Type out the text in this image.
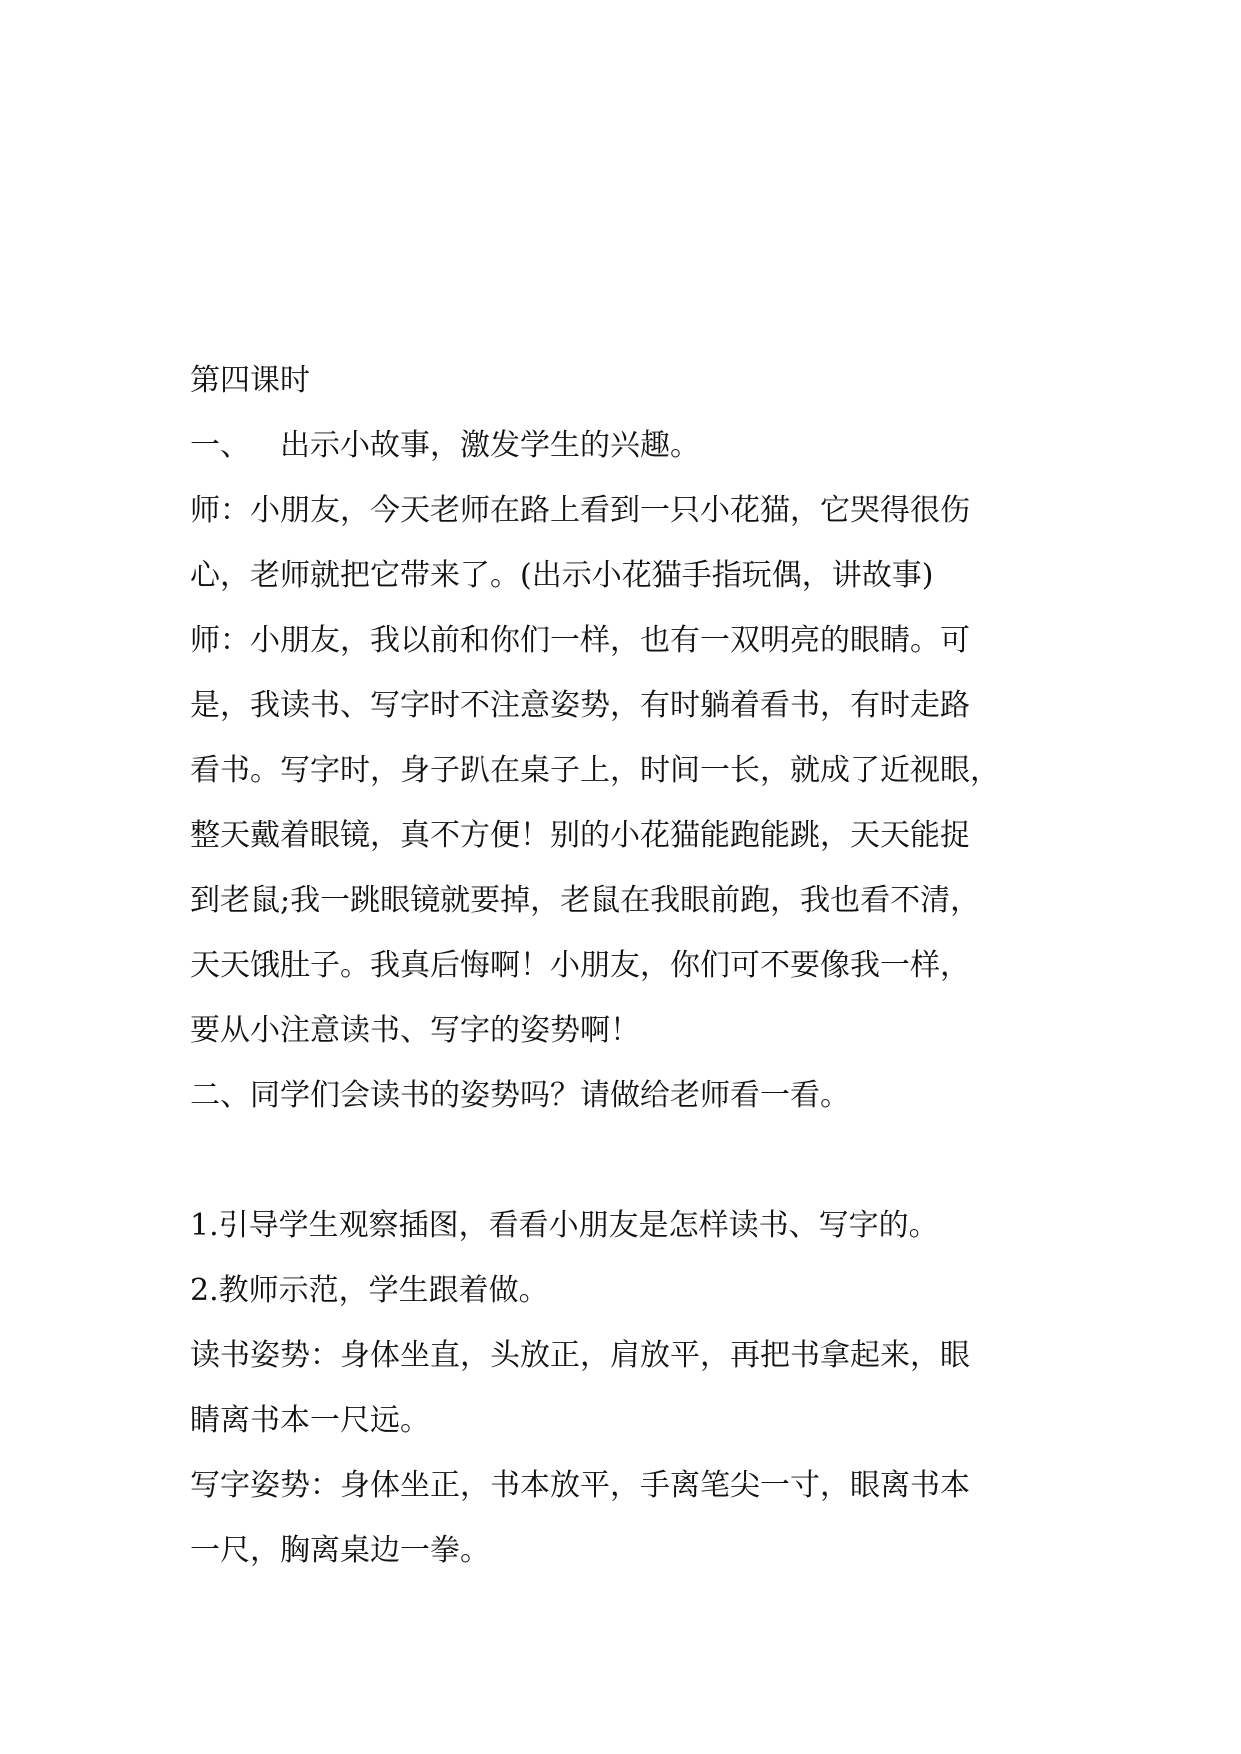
第四课时
一、 出示小故事，激发学生的兴趣。
师：小朋友，今天老师在路上看到一只小花猫，它哭得很伤
心，老师就把它带来了。(出示小花猫手指玩偶，讲故事)
师：小朋友，我以前和你们一样，也有一双明亮的眼睛。可
是，我读书、写字时不注意姿势，有时躺着看书，有时走路
看书。写字时，身子趴在桌子上，时间一长，就成了近视眼，
整天戴着眼镜，真不方便！别的小花猫能跑能跳，天天能捉
到老鼠;我一跳眼镜就要掉，老鼠在我眼前跑，我也看不清，
天天饿肚子。我真后悔啊！小朋友，你们可不要像我一样，
要从小注意读书、写字的姿势啊！
二、同学们会读书的姿势吗？请做给老师看一看。
1.引导学生观察插图，看看小朋友是怎样读书、写字的。
2.教师示范，学生跟着做。
读书姿势：身体坐直，头放正，肩放平，再把书拿起来，眼
睛离书本一尺远。
写字姿势：身体坐正，书本放平，手离笔尖一寸，眼离书本
一尺，胸离桌边一拳。
